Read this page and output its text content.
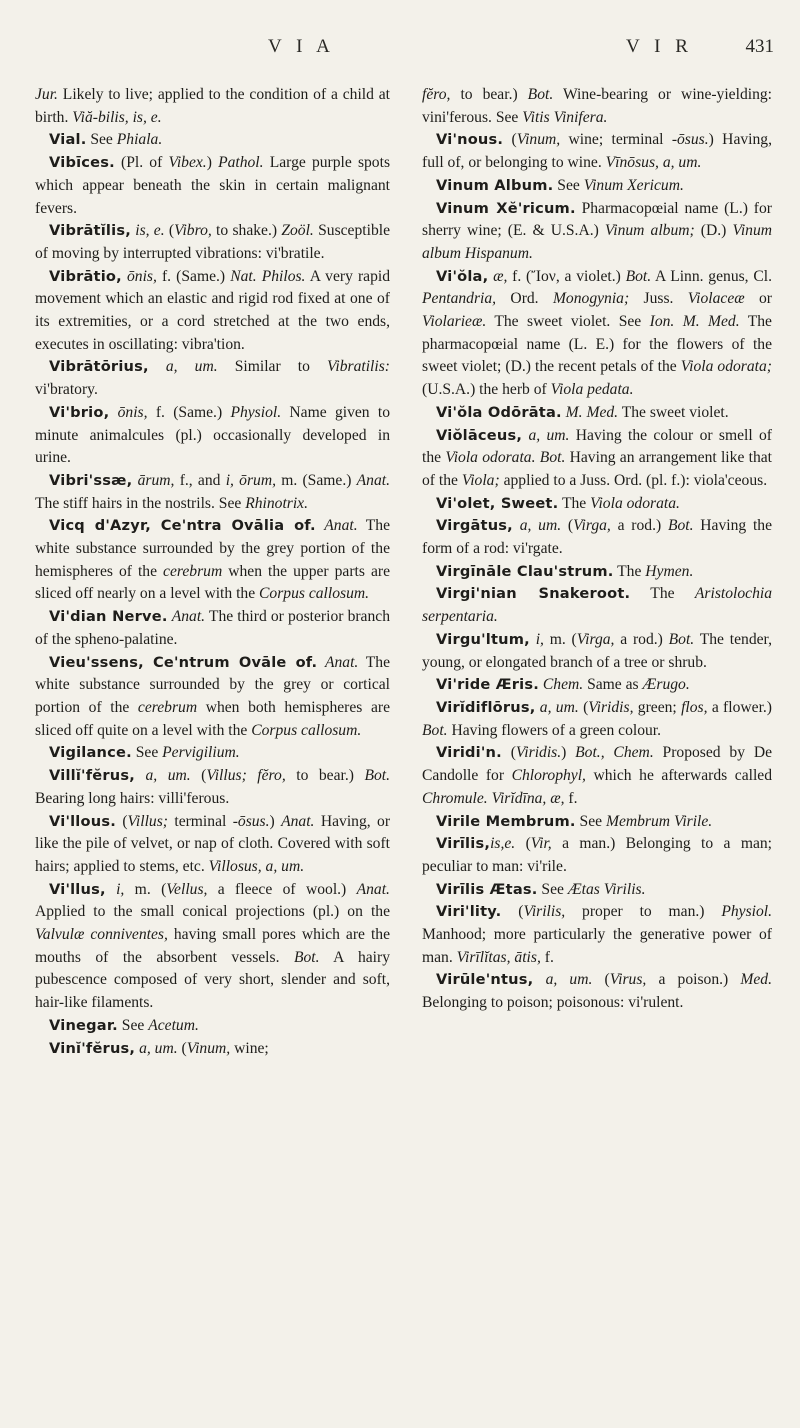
V I A	V I R	431

Jur. Likely to live; applied to the condition of a child at birth. Viă-bilis, is, e.

Vial. See Phiala.

Vibīces. (Pl. of Vibex.) Pathol. Large purple spots which appear beneath the skin in certain malignant fevers.

Vibrātĭlis, is, e. (Vibro, to shake.) Zoöl. Susceptible of moving by interrupted vibrations: vi'bratile.

Vibrātio, ōnis, f. (Same.) Nat. Philos. A very rapid movement which an elastic and rigid rod fixed at one of its extremities, or a cord stretched at the two ends, executes in oscillating: vibra'tion.

Vibrātōrius, a, um. Similar to Vibratilis: vi'bratory.

Vi'brio, ōnis, f. (Same.) Physiol. Name given to minute animalcules (pl.) occasionally developed in urine.

Vibri'ssæ, ārum, f., and i, ōrum, m. (Same.) Anat. The stiff hairs in the nostrils. See Rhinotrix.

Vicq d'Azyr, Ce'ntra Ovālia of. Anat. The white substance surrounded by the grey portion of the hemispheres of the cerebrum when the upper parts are sliced off nearly on a level with the Corpus callosum.

Vi'dian Nerve. Anat. The third or posterior branch of the spheno-palatine.

Vieu'ssens, Ce'ntrum Ovāle of. Anat. The white substance surrounded by the grey or cortical portion of the cerebrum when both hemispheres are sliced off quite on a level with the Corpus callosum.

Vigilance. See Pervigilium.

Villĭ'fĕrus, a, um. (Villus; fĕro, to bear.) Bot. Bearing long hairs: villi'ferous.

Vi'llous. (Villus; terminal -ōsus.) Anat. Having, or like the pile of velvet, or nap of cloth. Covered with soft hairs; applied to stems, etc. Villosus, a, um.

Vi'llus, i, m. (Vellus, a fleece of wool.) Anat. Applied to the small conical projections (pl.) on the Valvulæ conniventes, having small pores which are the mouths of the absorbent vessels. Bot. A hairy pubescence composed of very short, slender and soft, hair-like filaments.

Vinegar. See Acetum.

Vinĭ'fĕrus, a, um. (Vinum, wine;

fĕro, to bear.) Bot. Wine-bearing or wine-yielding: vini'ferous. See Vitis Vinifera.

Vi'nous. (Vinum, wine; terminal -ōsus.) Having, full of, or belonging to wine. Vīnōsus, a, um.

Vinum Album. See Vinum Xericum.

Vinum Xĕ'ricum. Pharmacopœial name (L.) for sherry wine; (E. & U.S.A.) Vinum album; (D.) Vinum album Hispanum.

Vi'ŏla, æ, f. (Ἴον, a violet.) Bot. A Linn. genus, Cl. Pentandria, Ord. Monogynia; Juss. Violaceæ or Violarieæ. The sweet violet. See Ion. M. Med. The pharmacopœial name (L. E.) for the flowers of the sweet violet; (D.) the recent petals of the Viola odorata; (U.S.A.) the herb of Viola pedata.

Vi'ŏla Odōrāta. M. Med. The sweet violet.

Viŏlāceus, a, um. Having the colour or smell of the Viola odorata. Bot. Having an arrangement like that of the Viola; applied to a Juss. Ord. (pl. f.): viola'ceous.

Vi'olet, Sweet. The Viola odorata.

Virgātus, a, um. (Virga, a rod.) Bot. Having the form of a rod: vi'rgate.

Virgīnāle Clau'strum. The Hymen.

Virgi'nian Snakeroot. The Aristolochia serpentaria.

Virgu'ltum, i, m. (Virga, a rod.) Bot. The tender, young, or elongated branch of a tree or shrub.

Vi'ride Æris. Chem. Same as Ærugo.

Virĭdiflōrus, a, um. (Viridis, green; flos, a flower.) Bot. Having flowers of a green colour.

Viridi'n. (Viridis.) Bot., Chem. Proposed by De Candolle for Chlorophyl, which he afterwards called Chromule. Virĭdīna, æ, f.

Virile Membrum. See Membrum Virile.

Virīlis,is,e. (Vir, a man.) Belonging to a man; peculiar to man: vi'rile.

Virīlis Ætas. See Ætas Virilis.

Viri'lity. (Virilis, proper to man.) Physiol. Manhood; more particularly the generative power of man. Virīlĭtas, ātis, f.

Virūle'ntus, a, um. (Virus, a poison.) Med. Belonging to poison; poisonous: vi'rulent.
